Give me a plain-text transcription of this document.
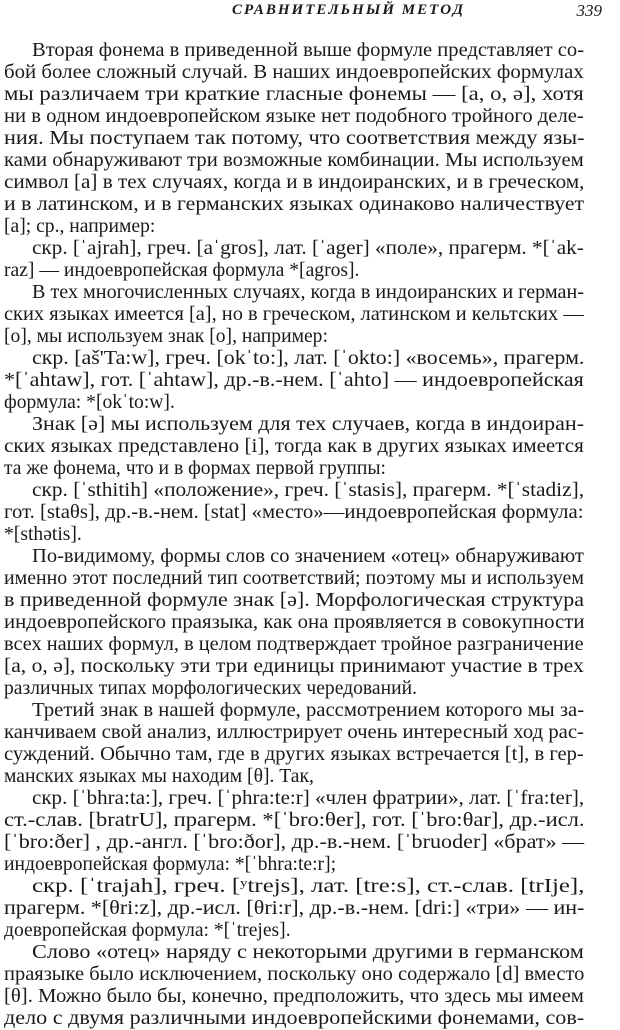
СРАВНИТЕЛЬНЫЙ МЕТОД	339
Вторая фонема в приведенной выше формуле представляет со-
бой более сложный случай. В наших индоевропейских формулах
мы различаем три краткие гласные фонемы — [a, o, ə], хотя
ни в одном индоевропейском языке нет подобного тройного деле-
ния. Мы поступаем так потому, что соответствия между язы-
ками обнаруживают три возможные комбинации. Мы используем
символ [a] в тех случаях, когда и в индоиранских, и в греческом,
и в латинском, и в германских языках одинаково наличествует
[a]; ср., например:
скр. [ˈajrah], греч. [aˈgros], лат. [ˈager] «поле», прагерм. *[ˈak-
raz] — индоевропейская формула *[agros].
В тех многочисленных случаях, когда в индоиранских и герман-
ских языках имеется [a], но в греческом, латинском и кельтских —
[o], мы используем знак [o], например:
скр. [aš'Ta:w], греч. [okˈto:], лат. [ˈokto:] «восемь», прагерм.
*[ˈahtaw], гот. [ˈahtaw], др.-в.-нем. [ˈahto] — индоевропейская
формула: *[okˈto:w].
Знак [ə] мы используем для тех случаев, когда в индоиран-
ских языках представлено [i], тогда как в других языках имеется
та же фонема, что и в формах первой группы:
скр. [ˈsthitih] «положение», греч. [ˈstasis], прагерм. *[ˈstadiz],
гот. [staθs], др.-в.-нем. [stat] «место»—индоевропейская формула:
*[sthətis].
По-видимому, формы слов со значением «отец» обнаруживают
именно этот последний тип соответствий; поэтому мы и используем
в приведенной формуле знак [ə]. Морфологическая структура
индоевропейского праязыка, как она проявляется в совокупности
всех наших формул, в целом подтверждает тройное разграничение
[a, o, ə], поскольку эти три единицы принимают участие в трех
различных типах морфологических чередований.
Третий знак в нашей формуле, рассмотрением которого мы за-
канчиваем свой анализ, иллюстрирует очень интересный ход рас-
суждений. Обычно там, где в других языках встречается [t], в гер-
манских языках мы находим [θ]. Так,
скр. [ˈbhra:ta:], греч. [ˈphra:te:r] «член фратрии», лат. [ˈfra:ter],
ст.-слав. [bratrU], прагерм. *[ˈbro:θer], гот. [ˈbro:θar], др.-исл.
[ˈbro:ðer] , др.-англ. [ˈbro:ðor], др.-в.-нем. [ˈbruoder] «брат» —
индоевропейская формула: *[ˈbhra:te:r];
скр. [ˈtrajah], греч. [ʸtrejs], лат. [tre:s], ст.-слав. [trIje],
прагерм. *[θri:z], др.-исл. [θri:r], др.-в.-нем. [dri:] «три» — ин-
доевропейская формула: *[ˈtrejes].
Слово «отец» наряду с некоторыми другими в германском
праязыке было исключением, поскольку оно содержало [d] вместо
[θ]. Можно было бы, конечно, предположить, что здесь мы имеем
дело с двумя различными индоевропейскими фонемами, сов-
